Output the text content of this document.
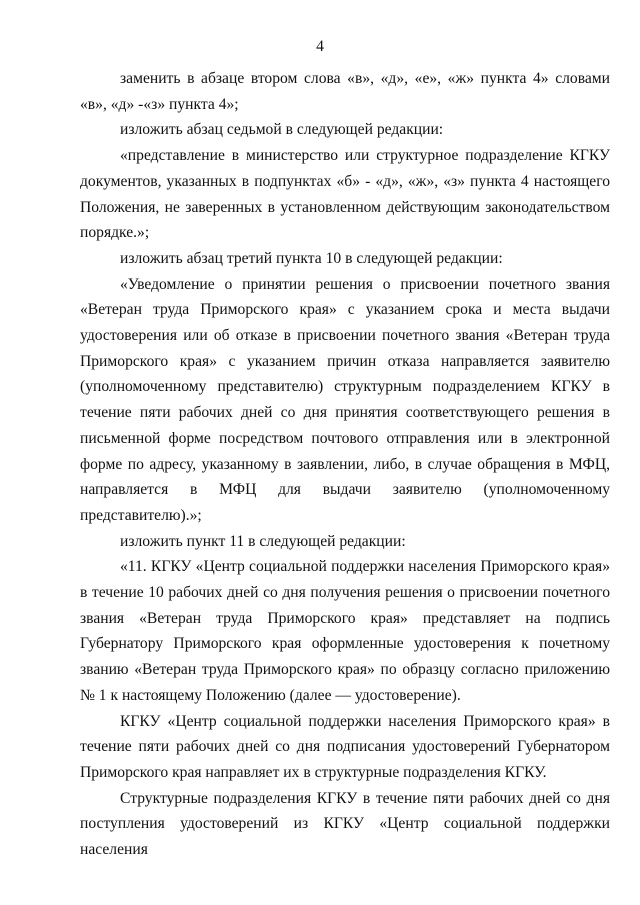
4

заменить в абзаце втором слова «в», «д», «е», «ж» пункта 4» словами «в», «д» -«з» пункта 4»;

изложить абзац седьмой в следующей редакции:

«представление в министерство или структурное подразделение КГКУ документов, указанных в подпунктах «б» - «д», «ж», «з» пункта 4 настоящего Положения, не заверенных в установленном действующим законодательством порядке.»;

изложить абзац третий пункта 10 в следующей редакции:

«Уведомление о принятии решения о присвоении почетного звания «Ветеран труда Приморского края» с указанием срока и места выдачи удостоверения или об отказе в присвоении почетного звания «Ветеран труда Приморского края» с указанием причин отказа направляется заявителю (уполномоченному представителю) структурным подразделением КГКУ в течение пяти рабочих дней со дня принятия соответствующего решения в письменной форме посредством почтового отправления или в электронной форме по адресу, указанному в заявлении, либо, в случае обращения в МФЦ, направляется в МФЦ для выдачи заявителю (уполномоченному представителю).»;

изложить пункт 11 в следующей редакции:

«11. КГКУ «Центр социальной поддержки населения Приморского края» в течение 10 рабочих дней со дня получения решения о присвоении почетного звания «Ветеран труда Приморского края» представляет на подпись Губернатору Приморского края оформленные удостоверения к почетному званию «Ветеран труда Приморского края» по образцу согласно приложению № 1 к настоящему Положению (далее — удостоверение).

КГКУ «Центр социальной поддержки населения Приморского края» в течение пяти рабочих дней со дня подписания удостоверений Губернатором Приморского края направляет их в структурные подразделения КГКУ.

Структурные подразделения КГКУ в течение пяти рабочих дней со дня поступления удостоверений из КГКУ «Центр социальной поддержки населения
